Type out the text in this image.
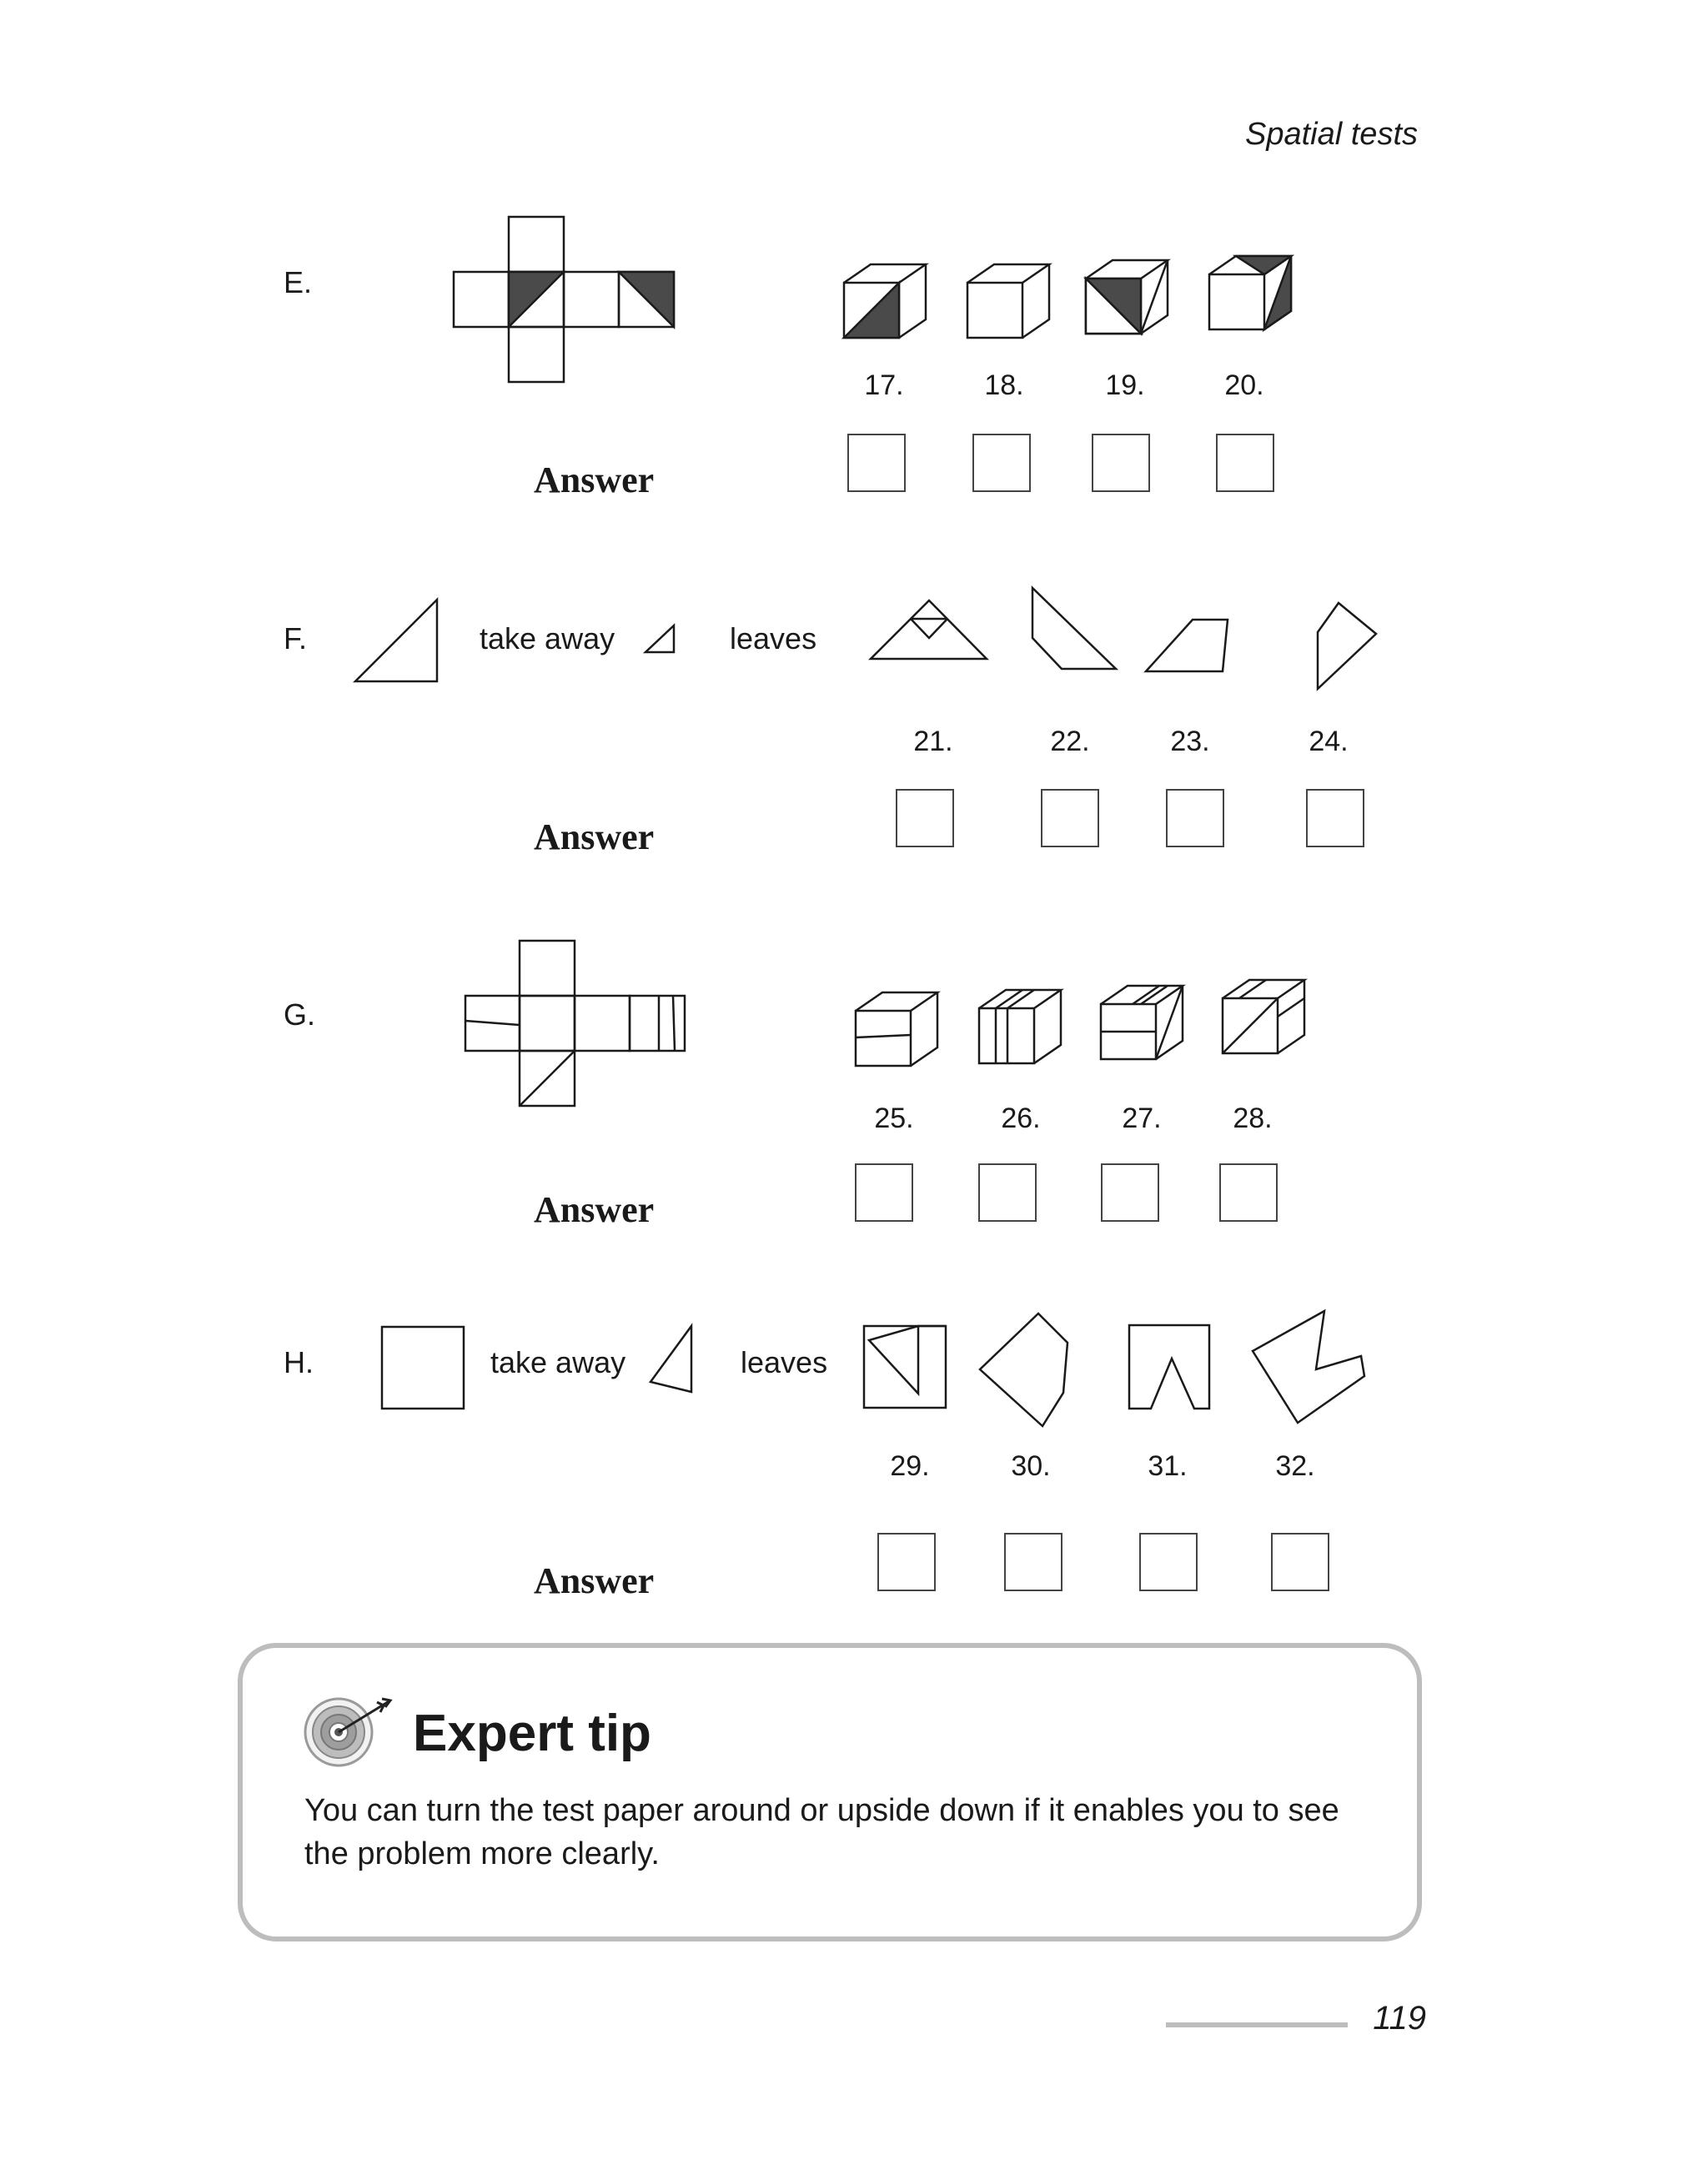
Spatial tests
E.
17.	18.	19.	20.
Answer
F.	take away	leaves
21.	22.	23.	24.
Answer
G.
25.	26.	27.	28.
Answer
H.	take away	leaves
29.	30.	31.	32.
Answer
Expert tip
You can turn the test paper around or upside down if it enables you to see the problem more clearly.
119
